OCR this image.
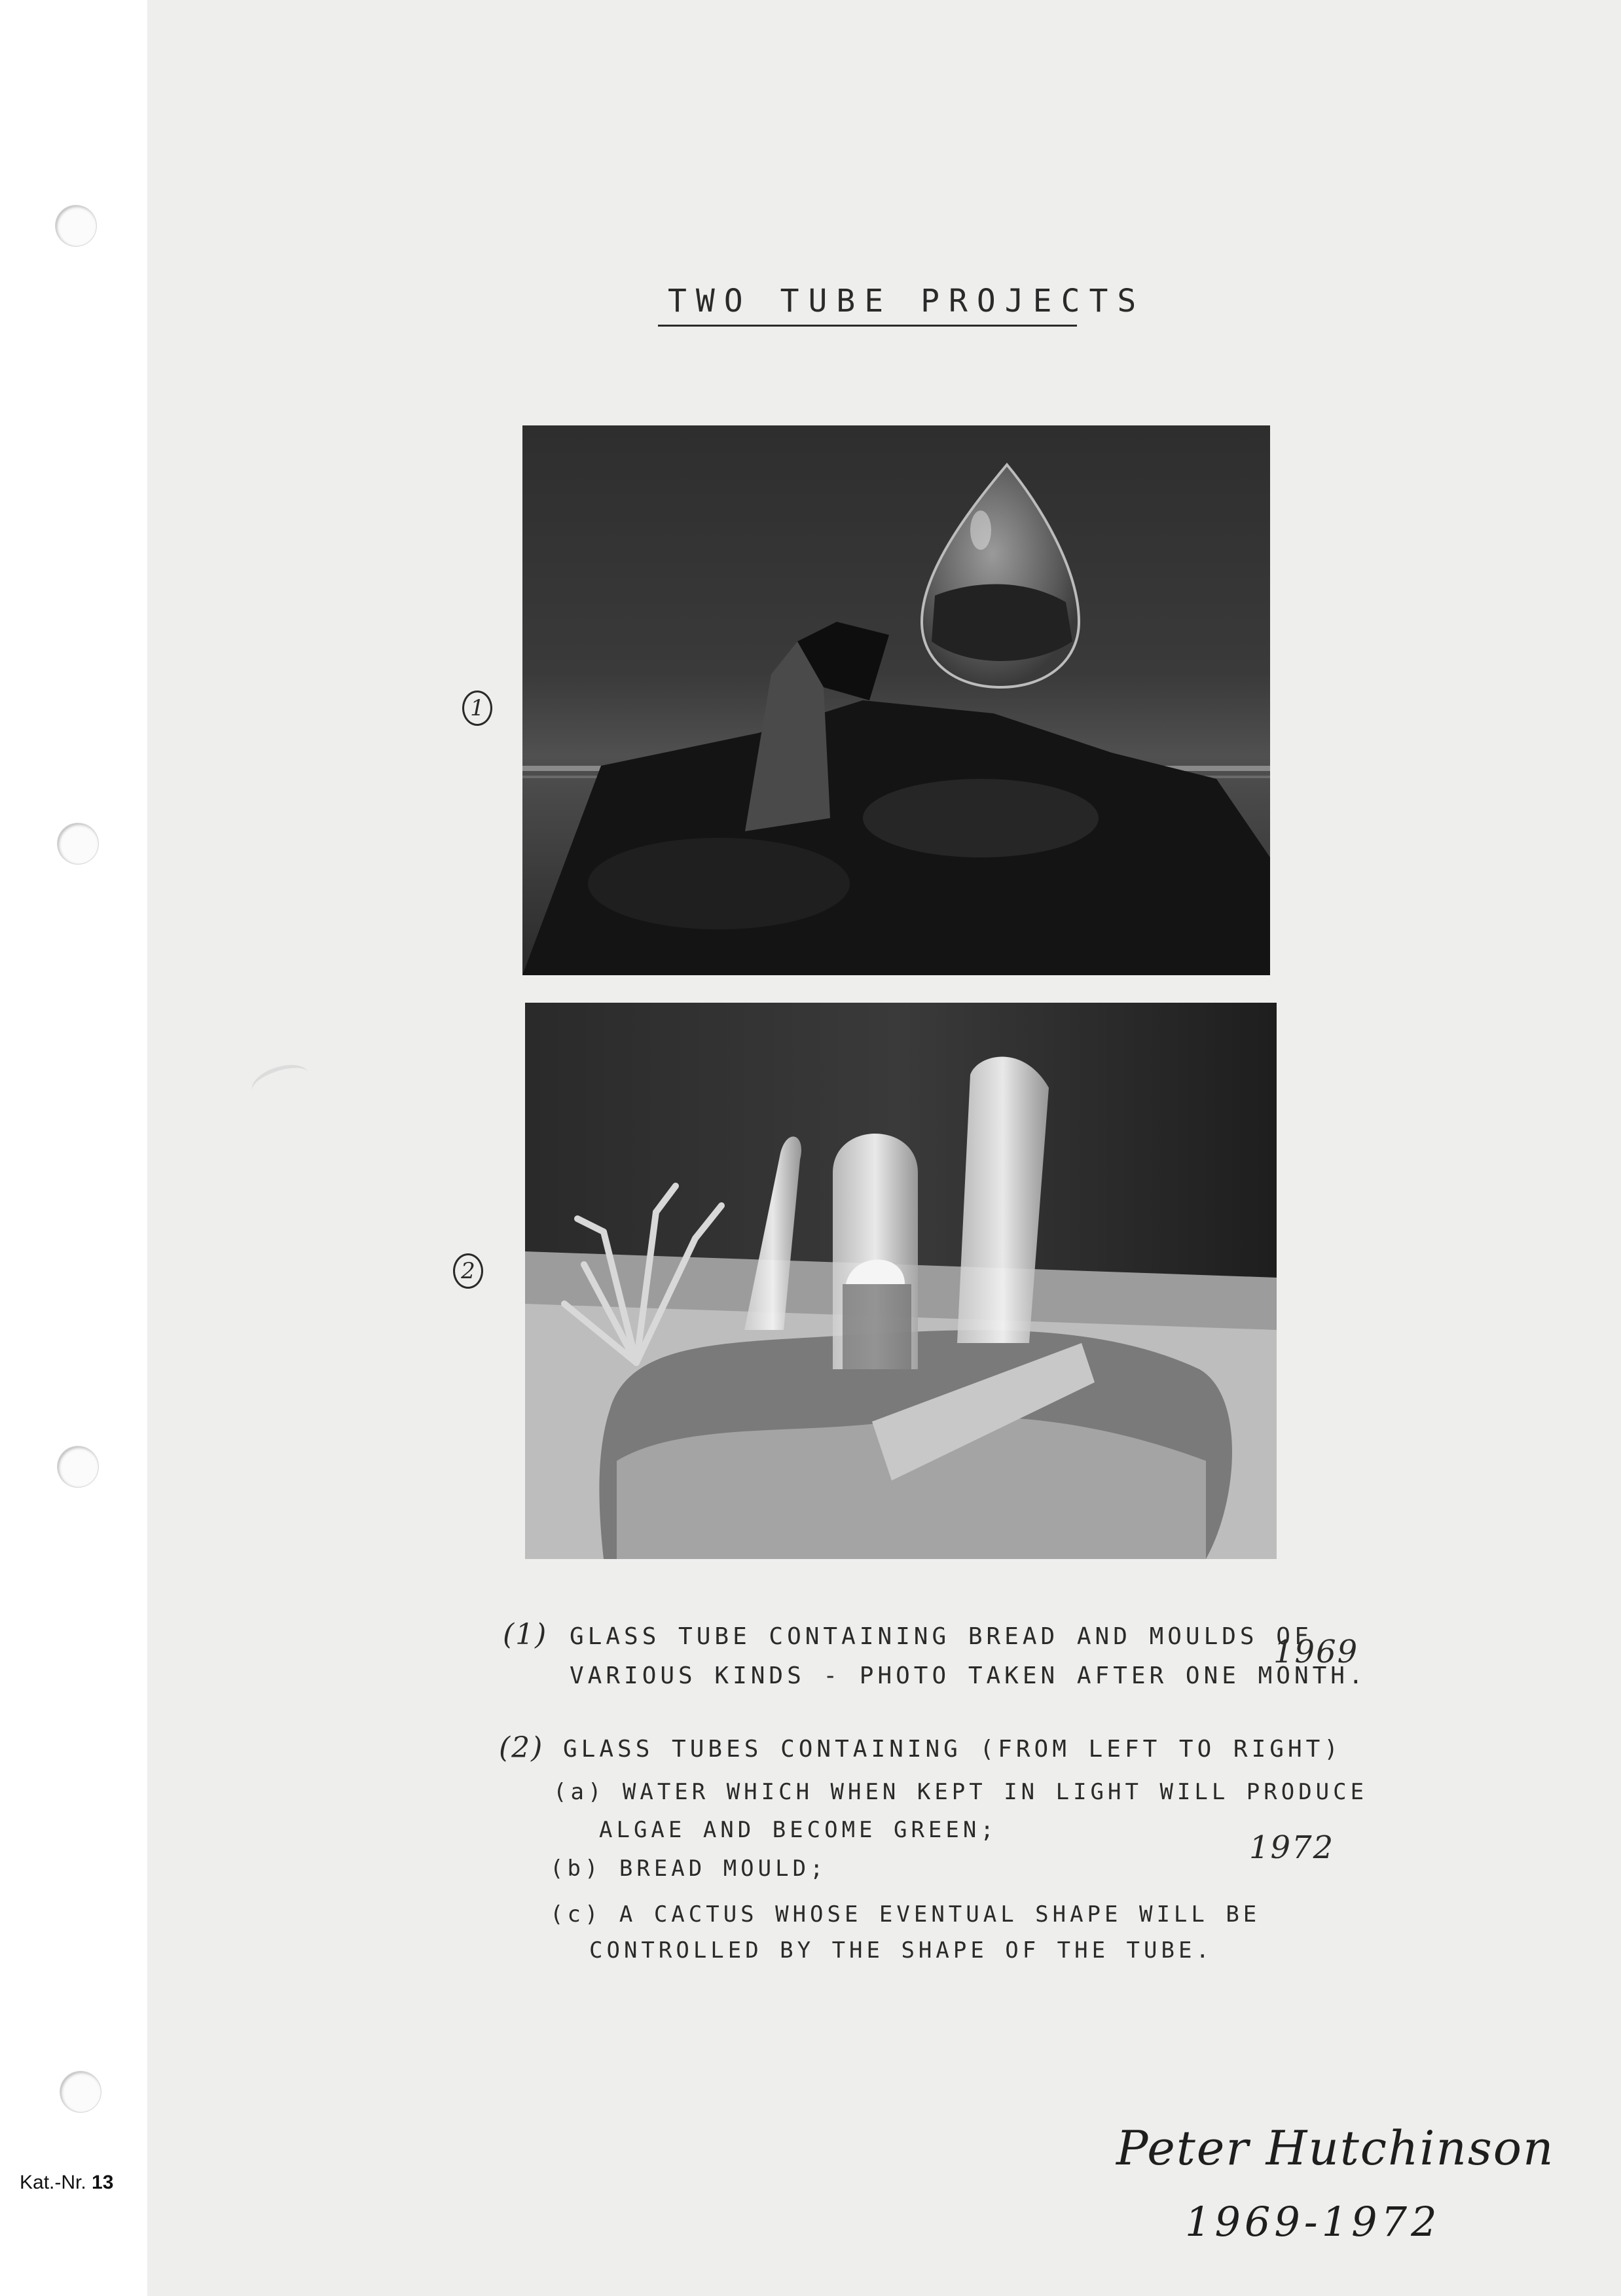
Kat.-Nr. 13
TWO TUBE PROJECTS
1
2
(1) GLASS TUBE CONTAINING BREAD AND MOULDS OF
VARIOUS KINDS - PHOTO TAKEN AFTER ONE MONTH.
1969
(2) GLASS TUBES CONTAINING (FROM LEFT TO RIGHT)
(a) WATER WHICH WHEN KEPT IN LIGHT WILL PRODUCE
ALGAE AND BECOME GREEN;
(b) BREAD MOULD;
1972
(c) A CACTUS WHOSE EVENTUAL SHAPE WILL BE
CONTROLLED BY THE SHAPE OF THE TUBE.
Peter Hutchinson
1969-1972
